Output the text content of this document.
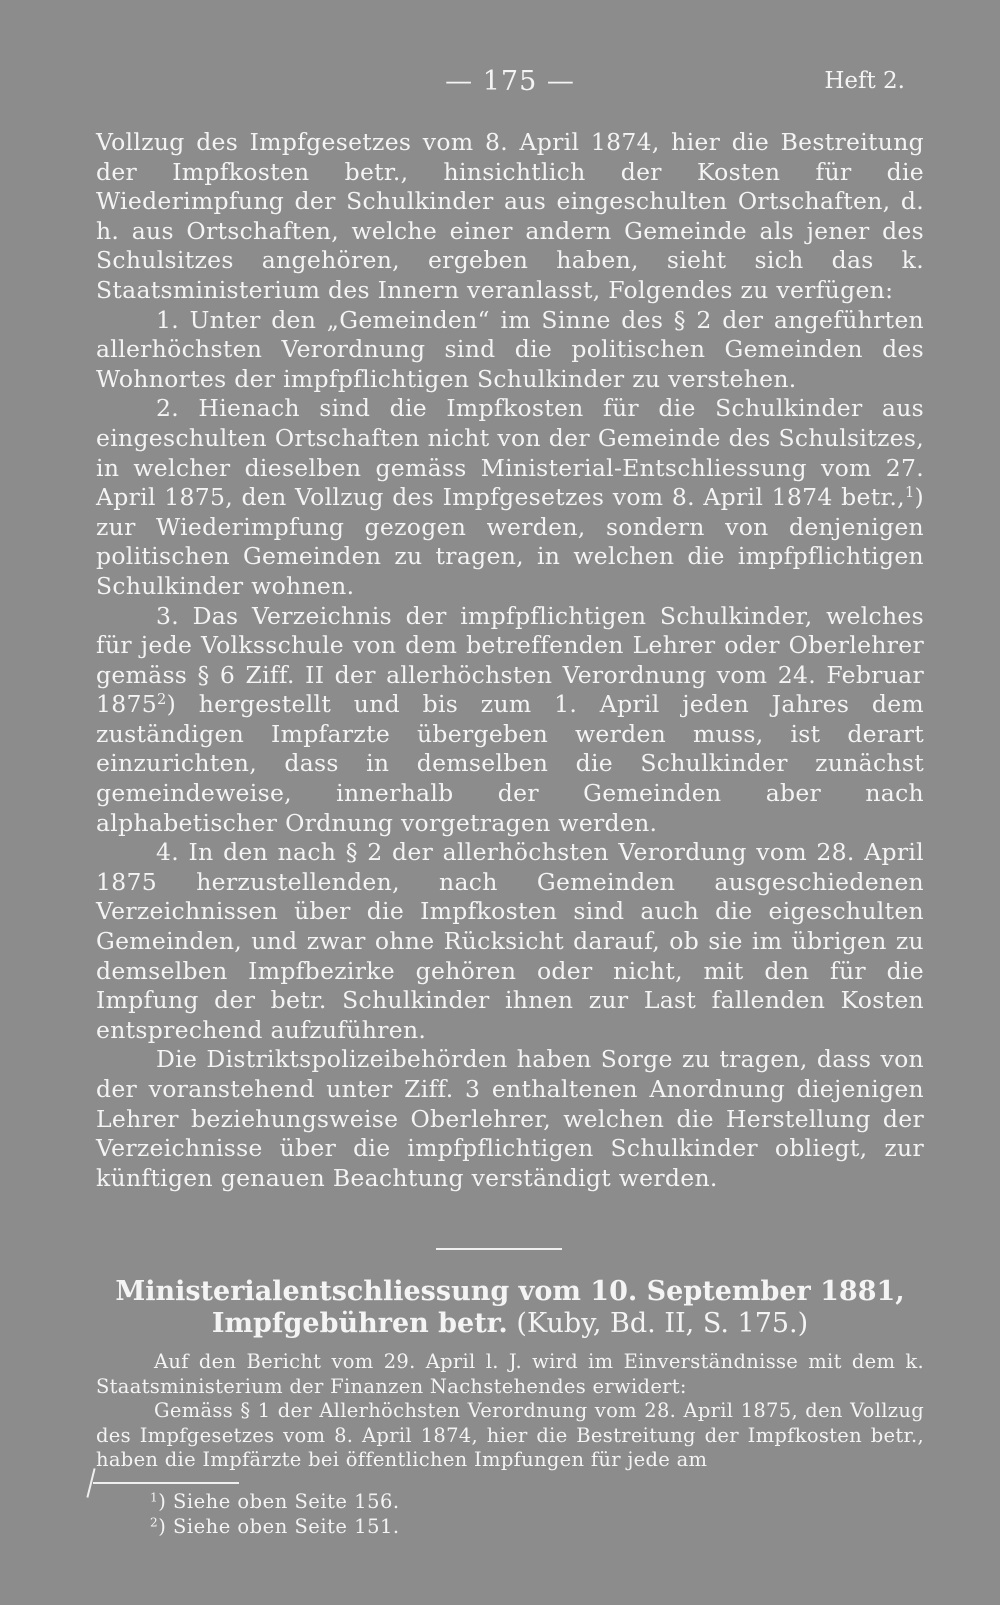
— 175 —	Heft 2.

Vollzug des Impfgesetzes vom 8. April 1874, hier die Bestreitung der Impfkosten betr., hinsichtlich der Kosten für die Wiederimpfung der Schulkinder aus eingeschulten Ortschaften, d. h. aus Ortschaften, welche einer andern Gemeinde als jener des Schulsitzes angehören, ergeben haben, sieht sich das k. Staatsministerium des Innern veranlasst, Folgendes zu verfügen:

1. Unter den „Gemeinden“ im Sinne des § 2 der angeführten allerhöchsten Verordnung sind die politischen Gemeinden des Wohnortes der impfpflichtigen Schulkinder zu verstehen.

2. Hienach sind die Impfkosten für die Schulkinder aus eingeschulten Ortschaften nicht von der Gemeinde des Schulsitzes, in welcher dieselben gemäss Ministerial-Entschliessung vom 27. April 1875, den Vollzug des Impfgesetzes vom 8. April 1874 betr.,$^1$) zur Wiederimpfung gezogen werden, sondern von denjenigen politischen Gemeinden zu tragen, in welchen die impfpflichtigen Schulkinder wohnen.

3. Das Verzeichnis der impfpflichtigen Schulkinder, welches für jede Volksschule von dem betreffenden Lehrer oder Oberlehrer gemäss § 6 Ziff. II der allerhöchsten Verordnung vom 24. Februar 1875$^2$) hergestellt und bis zum 1. April jeden Jahres dem zuständigen Impfarzte übergeben werden muss, ist derart einzurichten, dass in demselben die Schulkinder zunächst gemeindeweise, innerhalb der Gemeinden aber nach alphabetischer Ordnung vorgetragen werden.

4. In den nach § 2 der allerhöchsten Verordung vom 28. April 1875 herzustellenden, nach Gemeinden ausgeschiedenen Verzeichnissen über die Impfkosten sind auch die eigeschulten Gemeinden, und zwar ohne Rücksicht darauf, ob sie im übrigen zu demselben Impfbezirke gehören oder nicht, mit den für die Impfung der betr. Schulkinder ihnen zur Last fallenden Kosten entsprechend aufzuführen.

Die Distriktspolizeibehörden haben Sorge zu tragen, dass von der voranstehend unter Ziff. 3 enthaltenen Anordnung diejenigen Lehrer beziehungsweise Oberlehrer, welchen die Herstellung der Verzeichnisse über die impfpflichtigen Schulkinder obliegt, zur künftigen genauen Beachtung verständigt werden.

Ministerialentschliessung vom 10. September 1881,
Impfgebühren betr. (Kuby, Bd. II, S. 175.)

Auf den Bericht vom 29. April l. J. wird im Einverständnisse mit dem k. Staatsministerium der Finanzen Nachstehendes erwidert:

Gemäss § 1 der Allerhöchsten Verordnung vom 28. April 1875, den Vollzug des Impfgesetzes vom 8. April 1874, hier die Bestreitung der Impfkosten betr., haben die Impfärzte bei öffentlichen Impfungen für jede am

$^1$) Siehe oben Seite 156.
$^2$) Siehe oben Seite 151.
